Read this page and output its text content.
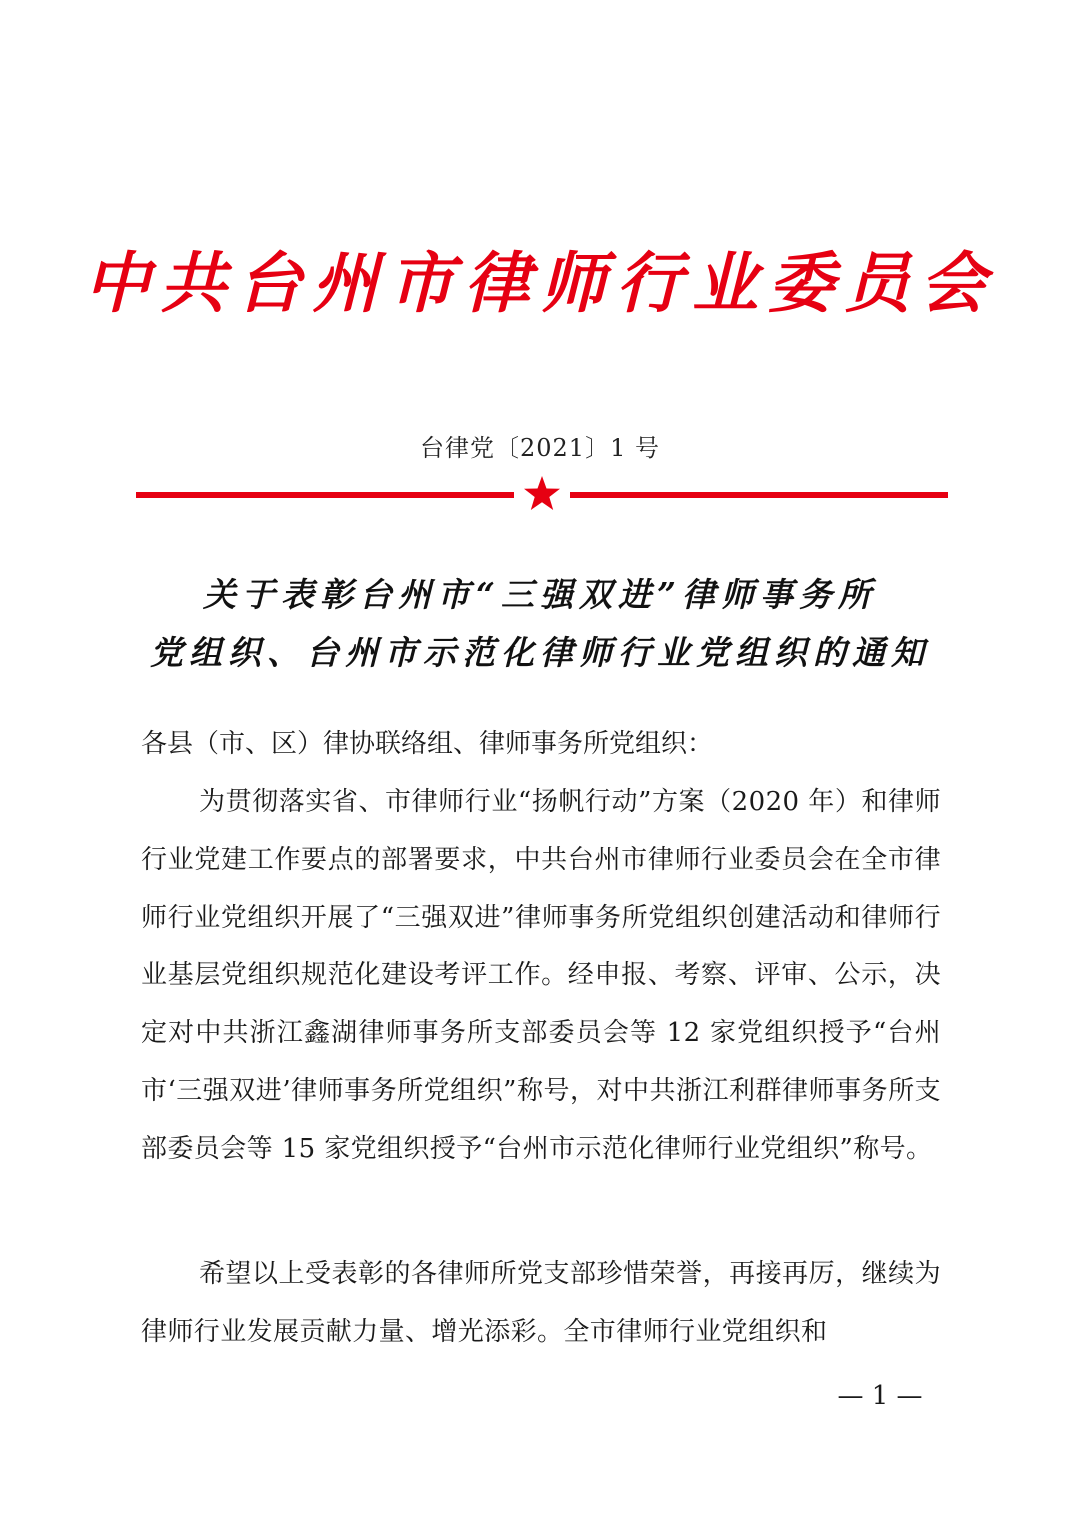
中共台州市律师行业委员会
台律党〔2021〕1 号
关于表彰台州市“三强双进”律师事务所
党组织、台州市示范化律师行业党组织的通知
各县（市、区）律协联络组、律师事务所党组织：
为贯彻落实省、市律师行业“扬帆行动”方案（2020 年）和律师行业党建工作要点的部署要求，中共台州市律师行业委员会在全市律师行业党组织开展了“三强双进”律师事务所党组织创建活动和律师行业基层党组织规范化建设考评工作。经申报、考察、评审、公示，决定对中共浙江鑫湖律师事务所支部委员会等 12 家党组织授予“台州市‘三强双进’律师事务所党组织”称号，对中共浙江利群律师事务所支部委员会等 15 家党组织授予“台州市示范化律师行业党组织”称号。
希望以上受表彰的各律师所党支部珍惜荣誉，再接再厉，继续为律师行业发展贡献力量、增光添彩。全市律师行业党组织和
— 1 —
